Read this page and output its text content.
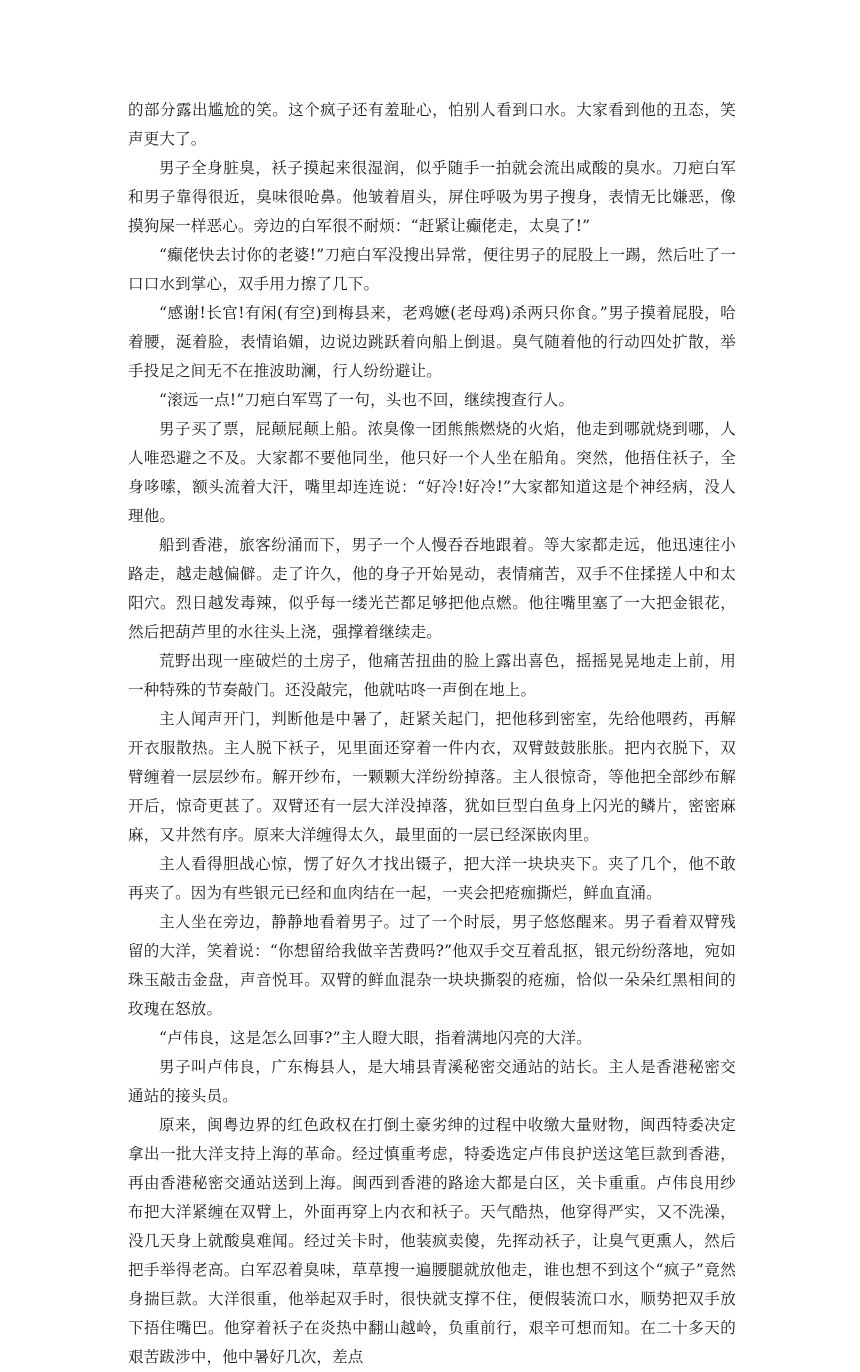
的部分露出尴尬的笑。这个疯子还有羞耻心，怕别人看到口水。大家看到他的丑态，笑声更大了。

男子全身脏臭，袄子摸起来很湿润，似乎随手一拍就会流出咸酸的臭水。刀疤白军和男子靠得很近，臭味很呛鼻。他皱着眉头，屏住呼吸为男子搜身，表情无比嫌恶，像摸狗屎一样恶心。旁边的白军很不耐烦：“赶紧让癫佬走，太臭了!”

“癫佬快去讨你的老婆!”刀疤白军没搜出异常，便往男子的屁股上一踢，然后吐了一口口水到掌心，双手用力擦了几下。

“感谢!长官!有闲(有空)到梅县来，老鸡嬷(老母鸡)杀两只你食。”男子摸着屁股，哈着腰，涎着脸，表情谄媚，边说边跳跃着向船上倒退。臭气随着他的行动四处扩散，举手投足之间无不在推波助澜，行人纷纷避让。

“滚远一点!”刀疤白军骂了一句，头也不回，继续搜查行人。

男子买了票，屁颠屁颠上船。浓臭像一团熊熊燃烧的火焰，他走到哪就烧到哪，人人唯恐避之不及。大家都不要他同坐，他只好一个人坐在船角。突然，他捂住袄子，全身哆嗦，额头流着大汗，嘴里却连连说：“好冷!好冷!”大家都知道这是个神经病，没人理他。

船到香港，旅客纷涌而下，男子一个人慢吞吞地跟着。等大家都走远，他迅速往小路走，越走越偏僻。走了许久，他的身子开始晃动，表情痛苦，双手不住揉搓人中和太阳穴。烈日越发毒辣，似乎每一缕光芒都足够把他点燃。他往嘴里塞了一大把金银花，然后把葫芦里的水往头上浇，强撑着继续走。

荒野出现一座破烂的土房子，他痛苦扭曲的脸上露出喜色，摇摇晃晃地走上前，用一种特殊的节奏敲门。还没敲完，他就咕咚一声倒在地上。

主人闻声开门，判断他是中暑了，赶紧关起门，把他移到密室，先给他喂药，再解开衣服散热。主人脱下袄子，见里面还穿着一件内衣，双臂鼓鼓胀胀。把内衣脱下，双臂缠着一层层纱布。解开纱布，一颗颗大洋纷纷掉落。主人很惊奇，等他把全部纱布解开后，惊奇更甚了。双臂还有一层大洋没掉落，犹如巨型白鱼身上闪光的鳞片，密密麻麻，又井然有序。原来大洋缠得太久，最里面的一层已经深嵌肉里。

主人看得胆战心惊，愣了好久才找出镊子，把大洋一块块夹下。夹了几个，他不敢再夹了。因为有些银元已经和血肉结在一起，一夹会把疮痂撕烂，鲜血直涌。

主人坐在旁边，静静地看着男子。过了一个时辰，男子悠悠醒来。男子看着双臂残留的大洋，笑着说：“你想留给我做辛苦费吗?”他双手交互着乱抠，银元纷纷落地，宛如珠玉敲击金盘，声音悦耳。双臂的鲜血混杂一块块撕裂的疮痂，恰似一朵朵红黑相间的玫瑰在怒放。

“卢伟良，这是怎么回事?”主人瞪大眼，指着满地闪亮的大洋。

男子叫卢伟良，广东梅县人，是大埔县青溪秘密交通站的站长。主人是香港秘密交通站的接头员。

原来，闽粤边界的红色政权在打倒土豪劣绅的过程中收缴大量财物，闽西特委决定拿出一批大洋支持上海的革命。经过慎重考虑，特委选定卢伟良护送这笔巨款到香港，再由香港秘密交通站送到上海。闽西到香港的路途大都是白区，关卡重重。卢伟良用纱布把大洋紧缠在双臂上，外面再穿上内衣和袄子。天气酷热，他穿得严实，又不洗澡，没几天身上就酸臭难闻。经过关卡时，他装疯卖傻，先挥动袄子，让臭气更熏人，然后把手举得老高。白军忍着臭味，草草搜一遍腰腿就放他走，谁也想不到这个“疯子”竟然身揣巨款。大洋很重，他举起双手时，很快就支撑不住，便假装流口水，顺势把双手放下捂住嘴巴。他穿着袄子在炎热中翻山越岭，负重前行，艰辛可想而知。在二十多天的艰苦跋涉中，他中暑好几次，差点
